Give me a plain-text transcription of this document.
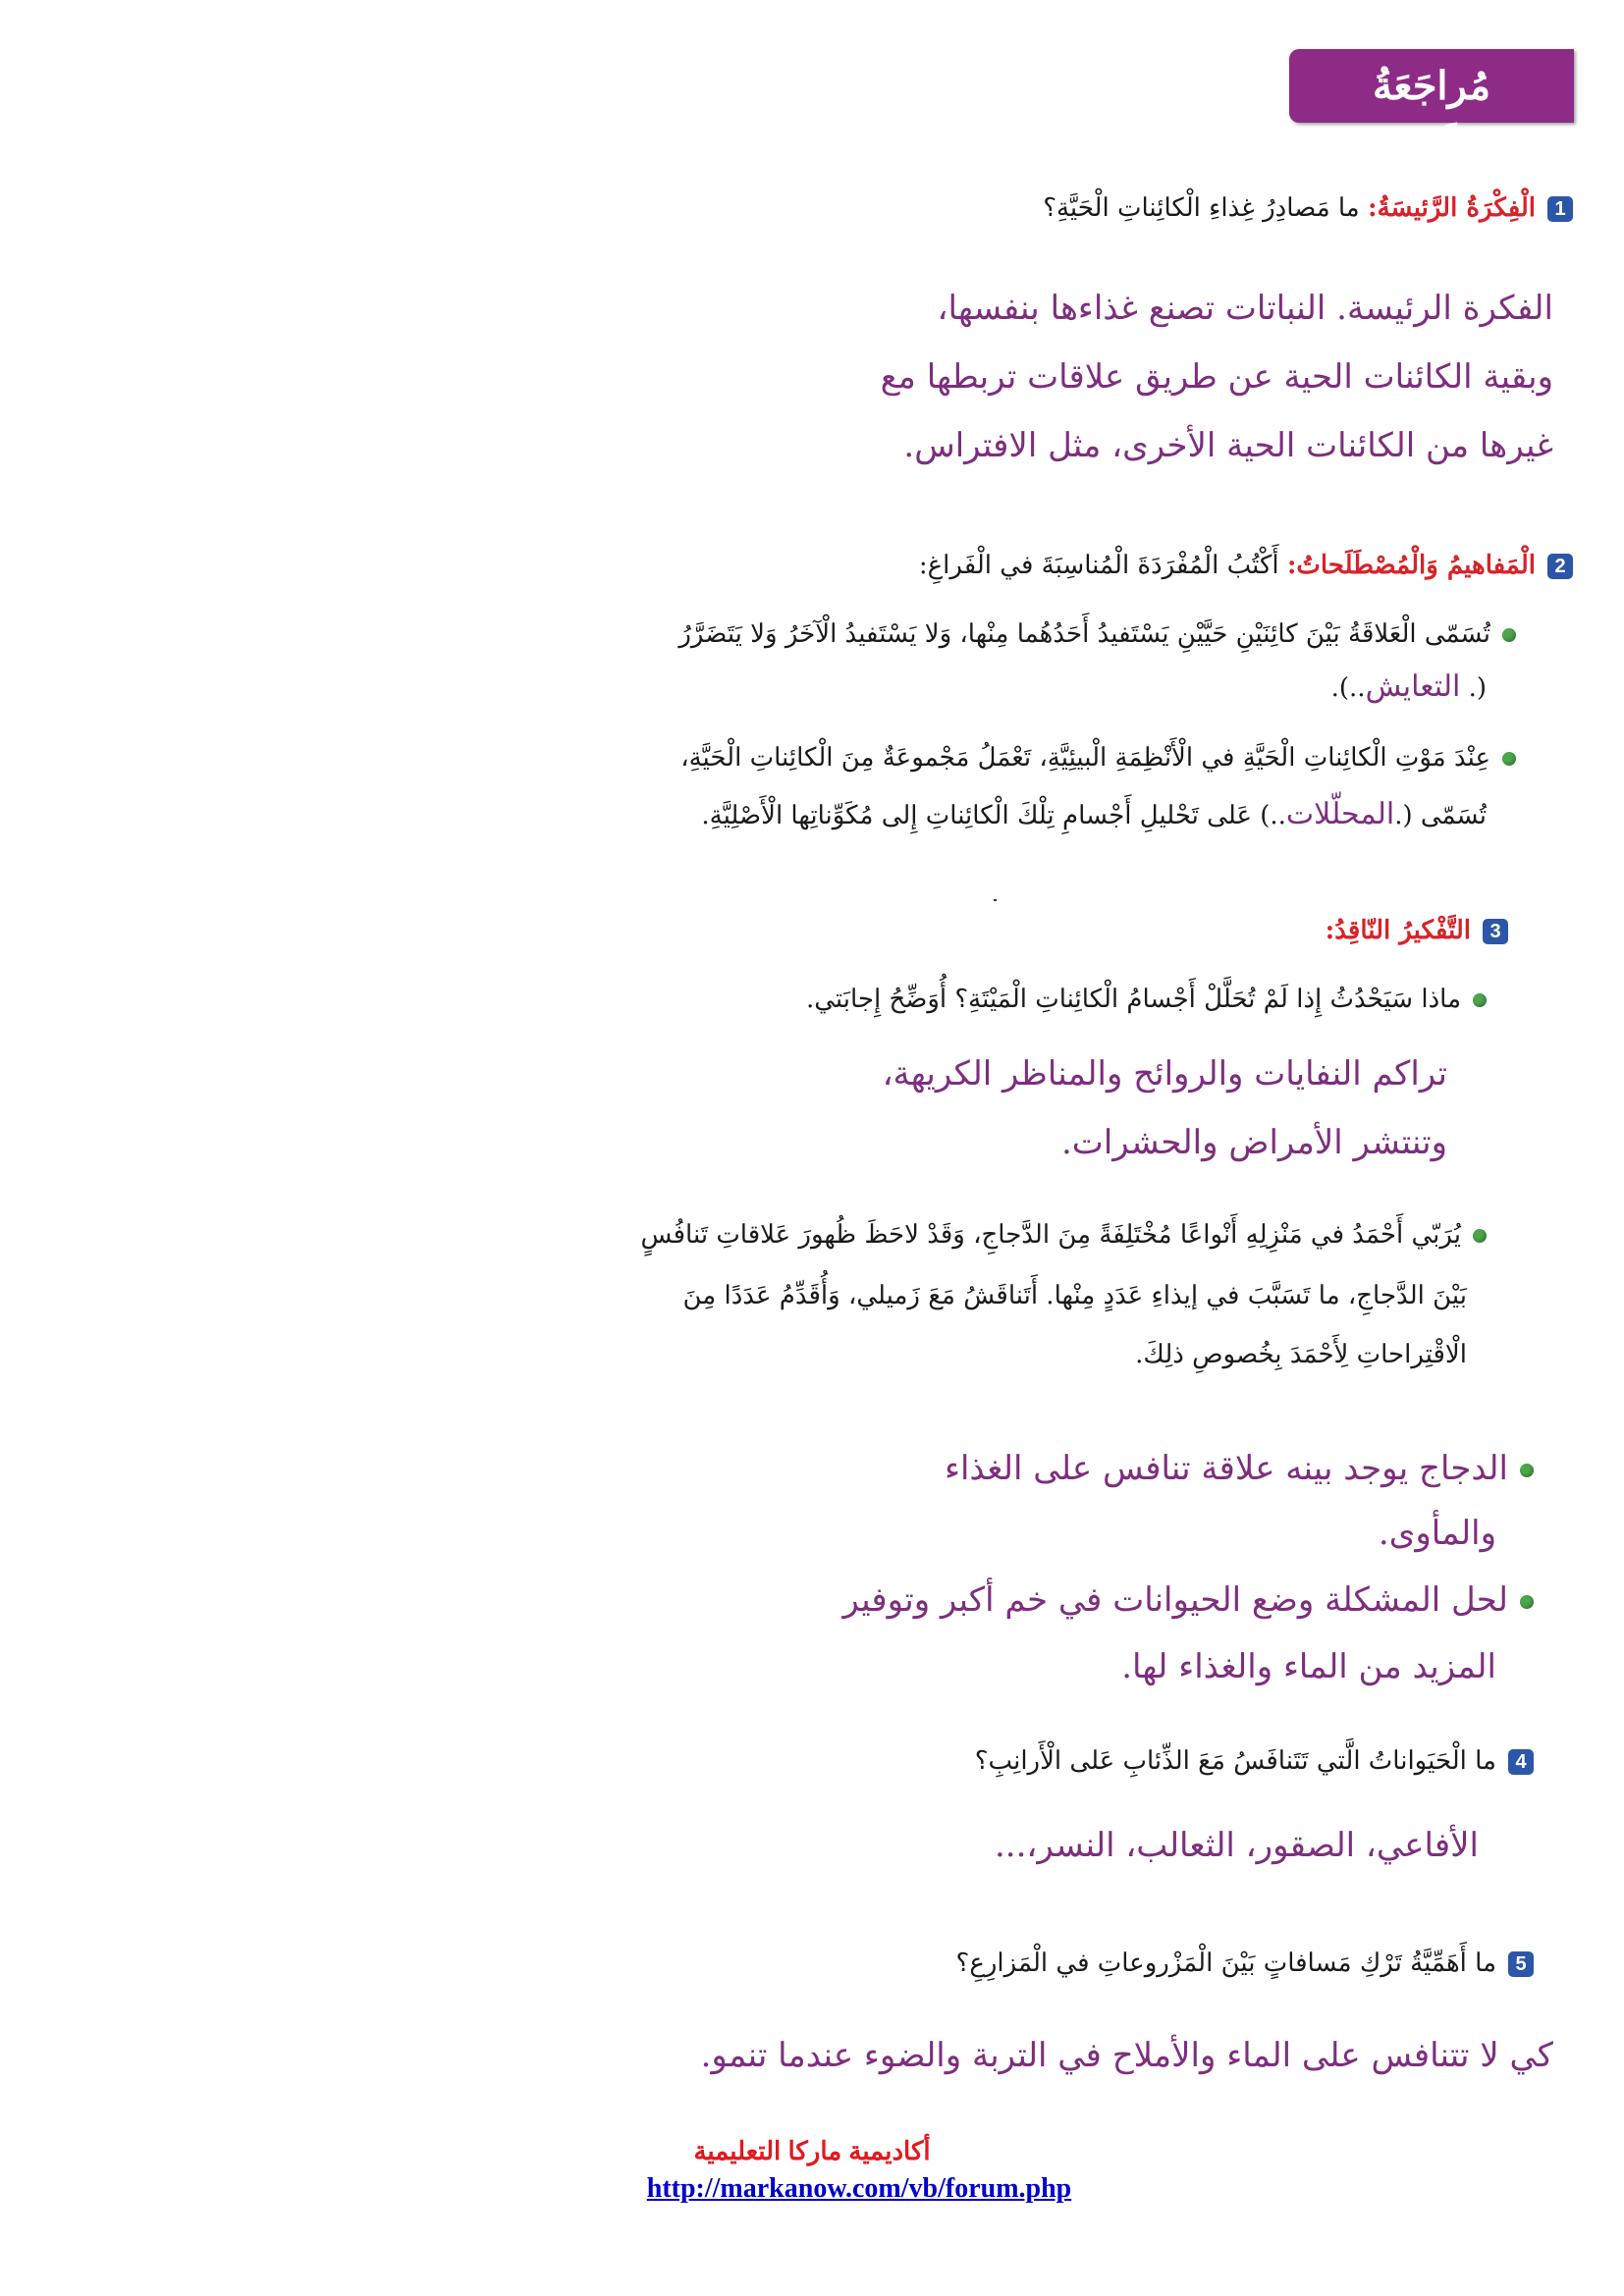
مُراجَعَةُ الدَّرْسِ
1الْفِكْرَةُ الرَّئيسَةُ: ما مَصادِرُ غِذاءِ الْكائِناتِ الْحَيَّةِ؟
الفكرة الرئيسة. النباتات تصنع غذاءها بنفسها،
وبقية الكائنات الحية عن طريق علاقات تربطها مع
غيرها من الكائنات الحية الأخرى، مثل الافتراس.
2الْمَفاهيمُ وَالْمُصْطَلَحاتُ: أَكْتُبُ الْمُفْرَدَةَ الْمُناسِبَةَ في الْفَراغِ:
تُسَمّى الْعَلاقَةُ بَيْنَ كائِنَيْنِ حَيَّيْنِ يَسْتَفيدُ أَحَدُهُما مِنْها، وَلا يَسْتَفيدُ الْآخَرُ وَلا يَتَضَرَّرُ
(. التعايش..).
عِنْدَ مَوْتِ الْكائِناتِ الْحَيَّةِ في الْأَنْظِمَةِ الْبيئِيَّةِ، تَعْمَلُ مَجْموعَةٌ مِنَ الْكائِناتِ الْحَيَّةِ،
تُسَمّى (.المحلّلات..) عَلى تَحْليلِ أَجْسامِ تِلْكَ الْكائِناتِ إِلى مُكَوِّناتِها الْأَصْلِيَّةِ.
3التَّفْكيرُ النّاقِدُ:
ماذا سَيَحْدُثُ إِذا لَمْ تُحَلَّلْ أَجْسامُ الْكائِناتِ الْمَيْتَةِ؟ أُوَضِّحُ إِجابَتي.
تراكم النفايات والروائح والمناظر الكريهة،
وتنتشر الأمراض والحشرات.
يُرَبّي أَحْمَدُ في مَنْزِلِهِ أَنْواعًا مُخْتَلِفَةً مِنَ الدَّجاجِ، وَقَدْ لاحَظَ ظُهورَ عَلاقاتِ تَنافُسٍ
بَيْنَ الدَّجاجِ، ما تَسَبَّبَ في إيذاءِ عَدَدٍ مِنْها. أَتَناقَشُ مَعَ زَميلي، وَأُقَدِّمُ عَدَدًا مِنَ
الْاقْتِراحاتِ لِأَحْمَدَ بِخُصوصِ ذلِكَ.
الدجاج يوجد بينه علاقة تنافس على الغذاء
والمأوى.
لحل المشكلة وضع الحيوانات في خم أكبر وتوفير
المزيد من الماء والغذاء لها.
4ما الْحَيَواناتُ الَّتي تَتَنافَسُ مَعَ الذِّئابِ عَلى الْأَرانِبِ؟
الأفاعي، الصقور، الثعالب، النسر،...
5ما أَهَمِّيَّةُ تَرْكِ مَسافاتٍ بَيْنَ الْمَزْروعاتِ في الْمَزارِعِ؟
كي لا تتنافس على الماء والأملاح في التربة والضوء عندما تنمو.
أكاديمية ماركا التعليمية
http://markanow.com/vb/forum.php
